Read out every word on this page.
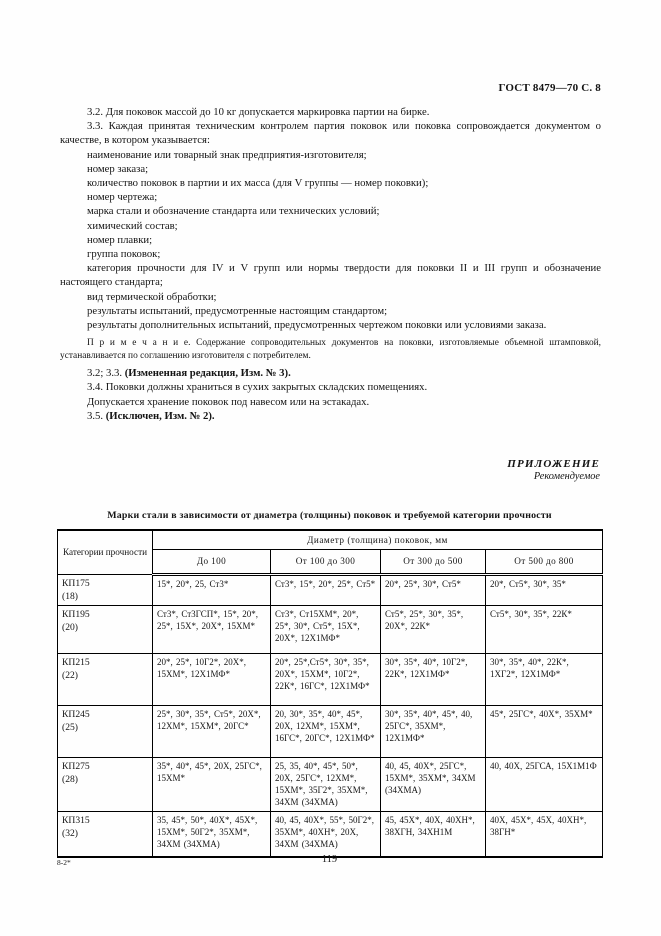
ГОСТ 8479—70 С. 8

3.2. Для поковок массой до 10 кг допускается маркировка партии на бирке.

3.3. Каждая принятая техническим контролем партия поковок или поковка сопровождается документом о качестве, в котором указывается:

наименование или товарный знак предприятия-изготовителя;

номер заказа;

количество поковок в партии и их масса (для V группы — номер поковки);

номер чертежа;

марка стали и обозначение стандарта или технических условий;

химический состав;

номер плавки;

группа поковок;

категория прочности для IV и V групп или нормы твердости для поковки II и III групп и обозначение настоящего стандарта;

вид термической обработки;

результаты испытаний, предусмотренные настоящим стандартом;

результаты дополнительных испытаний, предусмотренных чертежом поковки или условиями заказа.

П р и м е ч а н и е. Содержание сопроводительных документов на поковки, изготовляемые объемной штамповкой, устанавливается по соглашению изготовителя с потребителем.

3.2; 3.3. (Измененная редакция, Изм. № 3).

3.4. Поковки должны храниться в сухих закрытых складских помещениях.

Допускается хранение поковок под навесом или на эстакадах.

3.5. (Исключен, Изм. № 2).

ПРИЛОЖЕНИЕ
Рекомендуемое
Марки стали в зависимости от диаметра (толщины) поковок и требуемой категории прочности
Категории прочности	Диаметр (толщина) поковок, мм			
	До 100	От 100 до 300	От 300 до 500	От 500 до 800

КП175
(18)	15*, 20*, 25, Ст3*	Ст3*, 15*, 20*, 25*, Ст5*	20*, 25*, 30*, Ст5*	20*, Ст5*, 30*, 35*

КП195
(20)	Ст3*, Ст3ГСП*, 15*, 20*, 25*, 15Х*, 20Х*, 15ХМ*	Ст3*, Ст15ХМ*, 20*, 25*, 30*, Ст5*, 15Х*, 20Х*, 12Х1МФ*	Ст5*, 25*, 30*, 35*, 20Х*, 22К*	Ст5*, 30*, 35*, 22К*

КП215
(22)	20*, 25*, 10Г2*, 20Х*, 15ХМ*, 12Х1МФ*	20*, 25*,Ст5*, 30*, 35*, 20Х*, 15ХМ*, 10Г2*, 22К*, 16ГС*, 12Х1МФ*	30*, 35*, 40*, 10Г2*, 22К*, 12Х1МФ*	30*, 35*, 40*, 22К*, 1ХГ2*, 12Х1МФ*

КП245
(25)	25*, 30*, 35*, Ст5*, 20Х*, 12ХМ*, 15ХМ*, 20ГС*	20, 30*, 35*, 40*, 45*, 20Х, 12ХМ*, 15ХМ*, 16ГС*, 20ГС*, 12Х1МФ*	30*, 35*, 40*, 45*, 40, 25ГС*, 35ХМ*, 12Х1МФ*	45*, 25ГС*, 40Х*, 35ХМ*

КП275
(28)	35*, 40*, 45*, 20Х, 25ГС*, 15ХМ*	25, 35, 40*, 45*, 50*, 20Х, 25ГС*, 12ХМ*, 15ХМ*, 35Г2*, 35ХМ*, 34ХМ (34ХМА)	40, 45, 40Х*, 25ГС*, 15ХМ*, 35ХМ*, 34ХМ (34ХМА)	40, 40Х, 25ГСА, 15Х1М1Ф

КП315
(32)	35, 45*, 50*, 40Х*, 45Х*, 15ХМ*, 50Г2*, 35ХМ*, 34ХМ (34ХМА)	40, 45, 40Х*, 55*, 50Г2*, 35ХМ*, 40ХН*, 20Х, 34ХМ (34ХМА)	45, 45Х*, 40Х, 40ХН*, 38ХГН, 34ХН1М	40Х, 45Х*, 45Х, 40ХН*, 38ГН*
8-2*	119
